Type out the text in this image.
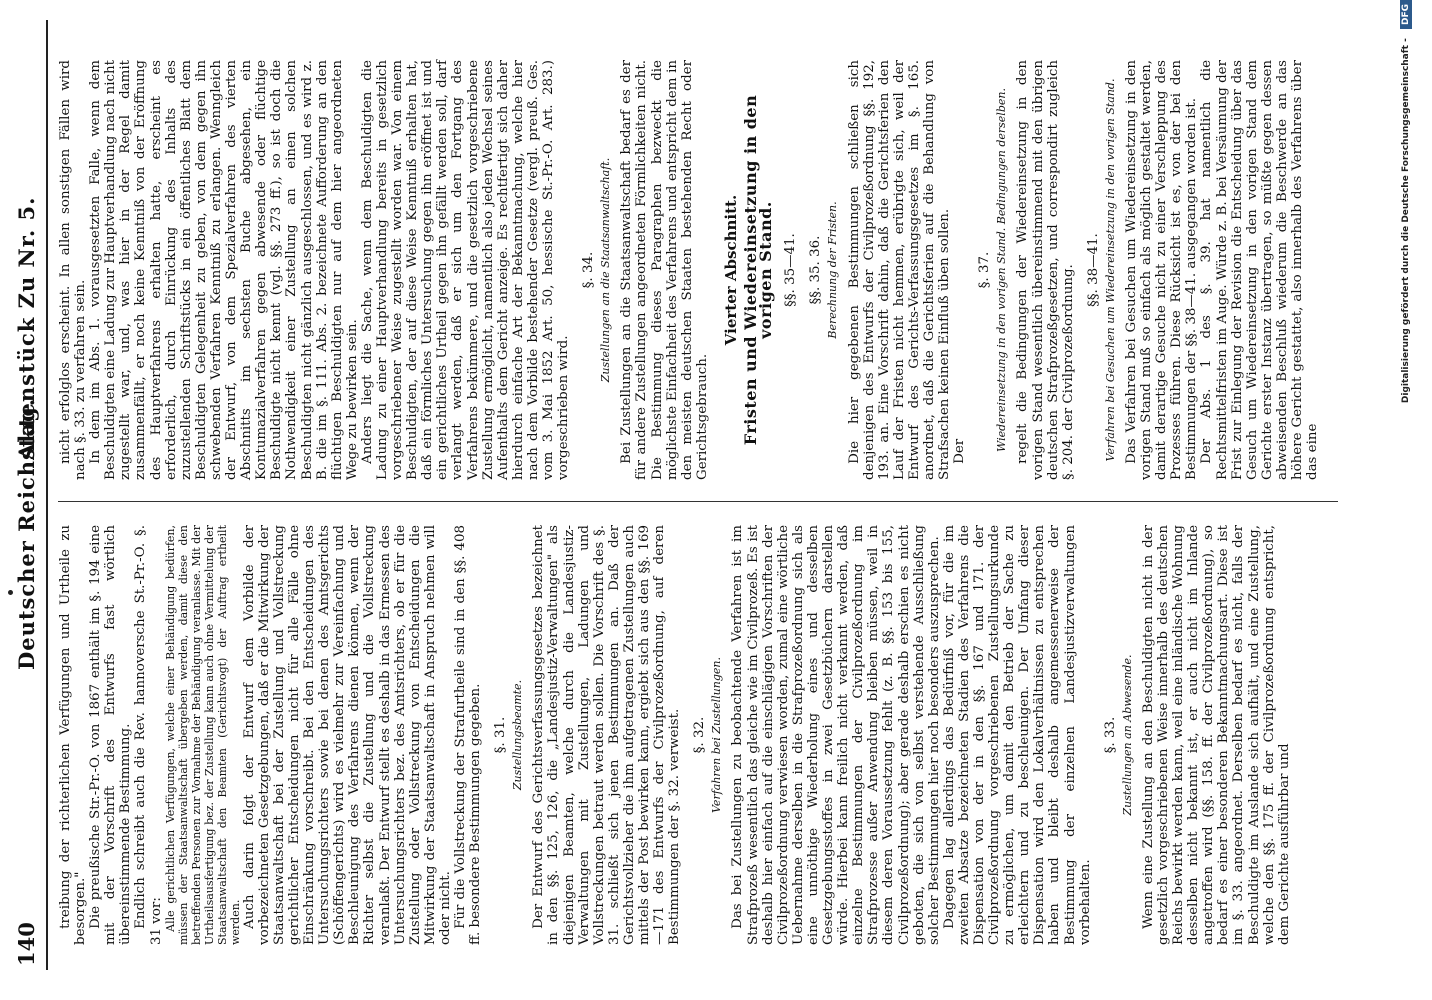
140
Deutscher Reichstag.
Aktenstück Zu Nr. 5.

treibung der richterlichen Verfügungen und Urtheile zu besorgen." Die preußische Str.-Pr.-O. von 1867 enthält im §. 194 eine mit der Vorschrift des Entwurfs fast wörtlich übereinstimmende Bestimmung. Endlich schreibt auch die Rev. hannoversche St.-Pr.-O. §. 31 vor: Alle gerichtlichen Verfügungen, welche einer Behändigung bedürfen, müssen der Staatsanwaltschaft übergeben werden, damit diese den betreffenden Personen zur Vornahme der Behändigung veranlasse. Mit der Urtheilsausfertigung bez. der Zustellung kann auch ohne Vermittelung der Staatsanwaltschaft den Beamten (Gerichtsvogt) der Auftrag ertheilt werden. Auch darin folgt der Entwurf dem Vorbilde der vorbezeichneten Gesetzgebungen, daß er die Mitwirkung der Staatsanwaltschaft bei der Zustellung und Vollstreckung gerichtlicher Entscheidungen nicht für alle Fälle ohne Einschränkung vorschreibt. Bei den Entscheidungen des Untersuchungsrichters sowie bei denen des Amtsgerichts (Schöffengerichts) wird es vielmehr zur Vereinfachung und Beschleunigung des Verfahrens dienen können, wenn der Richter selbst die Zustellung und die Vollstreckung veranlaßt. Der Entwurf stellt es deshalb in das Ermessen des Untersuchungsrichters bez. des Amtsrichters, ob er für die Zustellung oder Vollstreckung von Entscheidungen die Mitwirkung der Staatsanwaltschaft in Anspruch nehmen will oder nicht. Für die Vollstreckung der Strafurtheile sind in den §§. 408 ff. besondere Bestimmungen gegeben. §. 31. Zustellungsbeamte. Der Entwurf des Gerichtsverfassungsgesetzes bezeichnet in den §§. 125, 126, die „Landesjustiz-Verwaltungen" als diejenigen Beamten, welche durch die Landesjustiz-Verwaltungen mit Zustellungen, Ladungen und Vollstreckungen betraut werden sollen. Die Vorschrift des §. 31. schließt sich jenen Bestimmungen an. Daß der Gerichtsvollzieher die ihm aufgetragenen Zustellungen auch mittels der Post bewirken kann, ergiebt sich aus den §§. 169—171 des Entwurfs der Civilprozeßordnung, auf deren Bestimmungen der §. 32. verweist. §. 32. Verfahren bei Zustellungen. Das bei Zustellungen zu beobachtende Verfahren ist im Strafprozeß wesentlich das gleiche wie im Civilprozeß. Es ist deshalb hier einfach auf die einschlägigen Vorschriften der Civilprozeßordnung verwiesen worden, zumal eine wörtliche Uebernahme derselben in die Strafprozeßordnung sich als eine unnöthige Wiederholung eines und desselben Gesetzgebungsstoffes in zwei Gesetzbüchern darstellen würde. Hierbei kann freilich nicht verkannt werden, daß einzelne Bestimmungen der Civilprozeßordnung im Strafprozesse außer Anwendung bleiben müssen, weil in diesem deren Voraussetzung fehlt (z. B. §§. 153 bis 155, Civilprozeßordnung); aber gerade deshalb erschien es nicht geboten, die sich von selbst verstehende Ausschließung solcher Bestimmungen hier noch besonders auszusprechen. Dagegen lag allerdings das Bedürfniß vor, für die im zweiten Absatze bezeichneten Stadien des Verfahrens die Dispensation von der in den §§. 167 und 171. der Civilprozeßordnung vorgeschriebenen Zustellungsurkunde zu ermöglichen, um damit den Betrieb der Sache zu erleichtern und zu beschleunigen. Der Umfang dieser Dispensation wird den Lokalverhältnissen zu entsprechen haben und bleibt deshalb angemessenerweise der Bestimmung der einzelnen Landesjustizverwaltungen vorbehalten.

§. 33. Zustellungen an Abwesende. Wenn eine Zustellung an den Beschuldigten nicht in der gesetzlich vorgeschriebenen Weise innerhalb des deutschen Reichs bewirkt werden kann, weil eine inländische Wohnung desselben nicht bekannt ist, er auch nicht im Inlande angetroffen wird (§§. 158. ff. der Civilprozeßordnung), so bedarf es einer besonderen Bekanntmachungsart. Diese ist im §. 33. angeordnet. Derselben bedarf es nicht, falls der Beschuldigte im Auslande sich aufhält, und eine Zustellung, welche den §§. 175 ff. der Civilprozeßordnung entspricht, dem Gerichte ausführbar und

nicht erfolglos erscheint. In allen sonstigen Fällen wird nach §. 33. zu verfahren sein. In dem im Abs. 1. vorausgesetzten Falle, wenn dem Beschuldigten eine Ladung zur Hauptverhandlung nach nicht zugestellt war, und, was hier in der Regel damit zusammenfällt, er noch keine Kenntniß von der Eröffnung des Hauptverfahrens erhalten hatte, erscheint es erforderlich, durch Einrückung des Inhalts des zuzustellenden Schriftstücks in ein öffentliches Blatt dem Beschuldigten Gelegenheit zu geben, von dem gegen ihn schwebenden Verfahren Kenntniß zu erlangen. Wenngleich der Entwurf, von dem Spezialverfahren des vierten Abschnitts im sechsten Buche abgesehen, ein Kontumazialverfahren gegen abwesende oder flüchtige Beschuldigte nicht kennt (vgl. §§. 273 ff.), so ist doch die Nothwendigkeit einer Zustellung an einen solchen Beschuldigten nicht gänzlich ausgeschlossen, und es wird z. B. die im §. 111. Abs. 2. bezeichnete Aufforderung an den flüchtigen Beschuldigten nur auf dem hier angeordneten Wege zu bewirken sein. Anders liegt die Sache, wenn dem Beschuldigten die Ladung zu einer Hauptverhandlung bereits in gesetzlich vorgeschriebener Weise zugestellt worden war. Von einem Beschuldigten, der auf diese Weise Kenntniß erhalten hat, daß ein förmliches Untersuchung gegen ihn eröffnet ist und ein gerichtliches Urtheil gegen ihn gefällt werden soll, darf verlangt werden, daß er sich um den Fortgang des Verfahrens bekümmere, und die gesetzlich vorgeschriebene Zustellung ermöglicht, namentlich also jeden Wechsel seines Aufenthalts dem Gericht anzeige. Es rechtfertigt sich daher hierdurch einfache Art der Bekanntmachung, welche hier nach dem Vorbilde bestehender Gesetze (vergl. preuß. Ges. vom 3. Mai 1852 Art. 50, hessische St.-Pr.-O. Art. 283.) vorgeschrieben wird.

§. 34. Zustellungen an die Staatsanwaltschaft. Bei Zustellungen an die Staatsanwaltschaft bedarf es der für andere Zustellungen angeordneten Förmlichkeiten nicht. Die Bestimmung dieses Paragraphen bezweckt die möglichste Einfachheit des Verfahrens und entspricht dem in den meisten deutschen Staaten bestehenden Recht oder Gerichtsgebrauch.

Vierter Abschnitt. Fristen und Wiedereinsetzung in den vorigen Stand. §§. 35—41. §§. 35. 36. Berechnung der Fristen. Die hier gegebenen Bestimmungen schließen sich denjenigen des Entwurfs der Civilprozeßordnung §§. 192, 193. an. Eine Vorschrift dahin, daß die Gerichtsferien den Lauf der Fristen nicht hemmen, erübrigte sich, weil der Entwurf des Gerichts-Verfassungsgesetzes im §. 165. anordnet, daß die Gerichtsferien auf die Behandlung von Strafsachen keinen Einfluß üben sollen. Der

§. 37. Wiedereinsetzung in den vorigen Stand. Bedingungen derselben. regelt die Bedingungen der Wiedereinsetzung in den vorigen Stand wesentlich übereinstimmend mit den übrigen deutschen Strafprozeßgesetzen, und correspondirt zugleich §. 204. der Civilprozeßordnung. §§. 38—41. Verfahren bei Gesuchen um Wiedereinsetzung in den vorigen Stand. Das Verfahren bei Gesuchen um Wiedereinsetzung in den vorigen Stand muß so einfach als möglich gestaltet werden, damit derartige Gesuche nicht zu einer Verschleppung des Prozesses führen. Diese Rücksicht ist es, von der bei den Bestimmungen der §§. 38—41. ausgegangen worden ist. Der Abs. 1 des §. 39. hat namentlich die Rechtsmittelfristen im Auge. Würde z. B. bei Versäumung der Frist zur Einlegung der Revision die Entscheidung über das Gesuch um Wiedereinsetzung in den vorigen Stand dem Gerichte erster Instanz übertragen, so müßte gegen dessen abweisenden Beschluß wiederum die Beschwerde an das höhere Gericht gestattet, also innerhalb des Verfahrens über das eine

Digitalisierung gefördert durch die Deutsche Forschungsgemeinschaft - DFG
